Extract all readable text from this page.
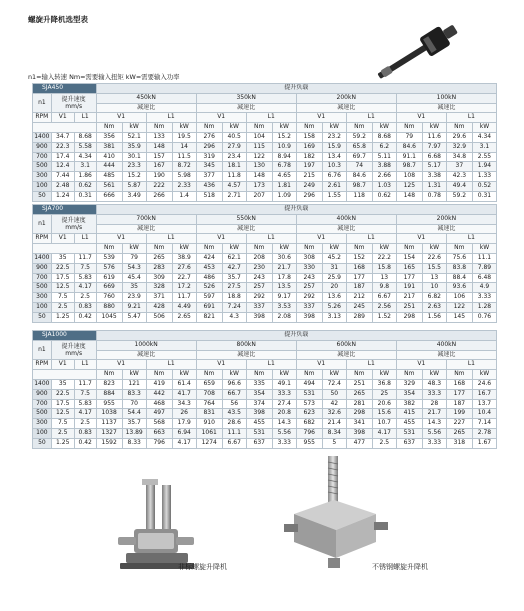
螺旋升降机选型表
n1=输入转速 Nm=需要输入扭矩 kW=需要输入功率
SJA450			提升负载															
n1	提升速度
mm/s		450kN				350kN				200kN				100kN			
			减速比				减速比				减速比				减速比			
RPM	V1	L1	V1		L1		V1		L1		V1		L1		V1		L1	
			Nm	kW	Nm	kW	Nm	kW	Nm	kW	Nm	kW	Nm	kW	Nm	kW	Nm	kW
1400	34.7	8.68	356	52.1	133	19.5	276	40.5	104	15.2	158	23.2	59.2	8.68	79	11.6	29.6	4.34
900	22.3	5.58	381	35.9	148	14	296	27.9	115	10.9	169	15.9	65.8	6.2	84.6	7.97	32.9	3.1
700	17.4	4.34	410	30.1	157	11.5	319	23.4	122	8.94	182	13.4	69.7	5.11	91.1	6.68	34.8	2.55
500	12.4	3.1	444	23.3	167	8.72	345	18.1	130	6.78	197	10.3	74	3.88	98.7	5.17	37	1.94
300	7.44	1.86	485	15.2	190	5.98	377	11.8	148	4.65	215	6.76	84.6	2.66	108	3.38	42.3	1.33
100	2.48	0.62	561	5.87	222	2.33	436	4.57	173	1.81	249	2.61	98.7	1.03	125	1.31	49.4	0.52
50	1.24	0.31	666	3.49	266	1.4	518	2.71	207	1.09	296	1.55	118	0.62	148	0.78	59.2	0.31
SJA700			提升负载															
n1	提升速度
mm/s		700kN				550kN				400kN				200kN			
			减速比				减速比				减速比				减速比			
RPM	V1	L1	V1		L1		V1		L1		V1		L1		V1		L1	
			Nm	kW	Nm	kW	Nm	kW	Nm	kW	Nm	kW	Nm	kW	Nm	kW	Nm	kW
1400	35	11.7	539	79	265	38.9	424	62.1	208	30.6	308	45.2	152	22.2	154	22.6	75.6	11.1
900	22.5	7.5	576	54.3	283	27.6	453	42.7	230	21.7	330	31	168	15.8	165	15.5	83.8	7.89
700	17.5	5.83	619	45.4	309	22.7	486	35.7	243	17.8	243	25.9	177	13	177	13	88.4	6.48
500	12.5	4.17	669	35	328	17.2	526	27.5	257	13.5	257	20	187	9.8	191	10	93.6	4.9
300	7.5	2.5	760	23.9	371	11.7	597	18.8	292	9.17	292	13.6	212	6.67	217	6.82	106	3.33
100	2.5	0.83	880	9.21	428	4.49	691	7.24	337	3.53	337	5.26	245	2.56	251	2.63	122	1.28
50	1.25	0.42	1045	5.47	506	2.65	821	4.3	398	2.08	398	3.13	289	1.52	298	1.56	145	0.76
SJA1000			提升负载															
n1	提升速度
mm/s		1000kN				800kN				600kN				400kN			
			减速比				减速比				减速比				减速比			
RPM	V1	L1	V1		L1		V1		L1		V1		L1		V1		L1	
			Nm	kW	Nm	kW	Nm	kW	Nm	kW	Nm	kW	Nm	kW	Nm	kW	Nm	kW
1400	35	11.7	823	121	419	61.4	659	96.6	335	49.1	494	72.4	251	36.8	329	48.3	168	24.6
900	22.5	7.5	884	83.3	442	41.7	708	66.7	354	33.3	531	50	265	25	354	33.3	177	16.7
700	17.5	5.83	955	70	468	34.3	764	56	374	27.4	573	42	281	20.6	382	28	187	13.7
500	12.5	4.17	1038	54.4	497	26	831	43.5	398	20.8	623	32.6	298	15.6	415	21.7	199	10.4
300	7.5	2.5	1137	35.7	568	17.9	910	28.6	455	14.3	682	21.4	341	10.7	455	14.3	227	7.14
100	2.5	0.83	1327	13.89	663	6.94	1061	11.1	531	5.56	796	8.34	398	4.17	531	5.56	265	2.78
50	1.25	0.42	1592	8.33	796	4.17	1274	6.67	637	3.33	955	5	477	2.5	637	3.33	318	1.67
非标螺旋升降机	不锈钢螺旋升降机
